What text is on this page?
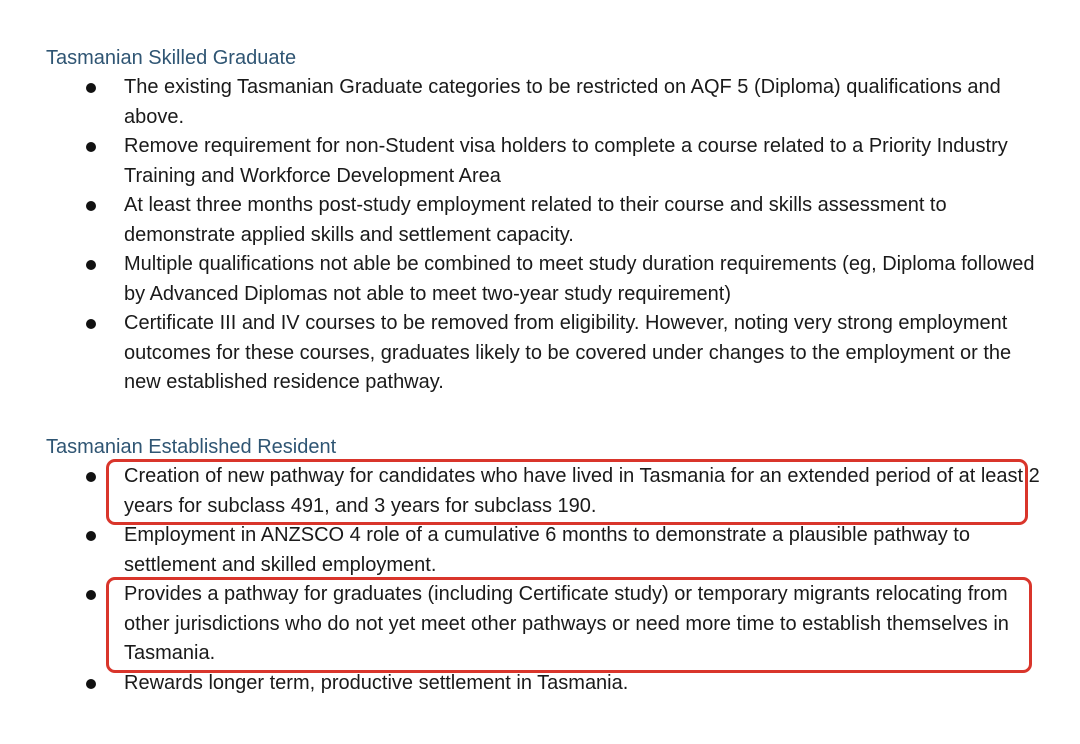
Tasmanian Skilled Graduate
The existing Tasmanian Graduate categories to be restricted on AQF 5 (Diploma) qualifications and above.
Remove requirement for non-Student visa holders to complete a course related to a Priority Industry Training and Workforce Development Area
At least three months post-study employment related to their course and skills assessment to demonstrate applied skills and settlement capacity.
Multiple qualifications not able be combined to meet study duration requirements (eg, Diploma followed by Advanced Diplomas not able to meet two-year study requirement)
Certificate III and IV courses to be removed from eligibility. However, noting very strong employment outcomes for these courses, graduates likely to be covered under changes to the employment or the new established residence pathway.
Tasmanian Established Resident
Creation of new pathway for candidates who have lived in Tasmania for an extended period of at least 2 years for subclass 491, and 3 years for subclass 190.
Employment in ANZSCO 4 role of a cumulative 6 months to demonstrate a plausible pathway to settlement and skilled employment.
Provides a pathway for graduates (including Certificate study) or temporary migrants relocating from other jurisdictions who do not yet meet other pathways or need more time to establish themselves in Tasmania.
Rewards longer term, productive settlement in Tasmania.
